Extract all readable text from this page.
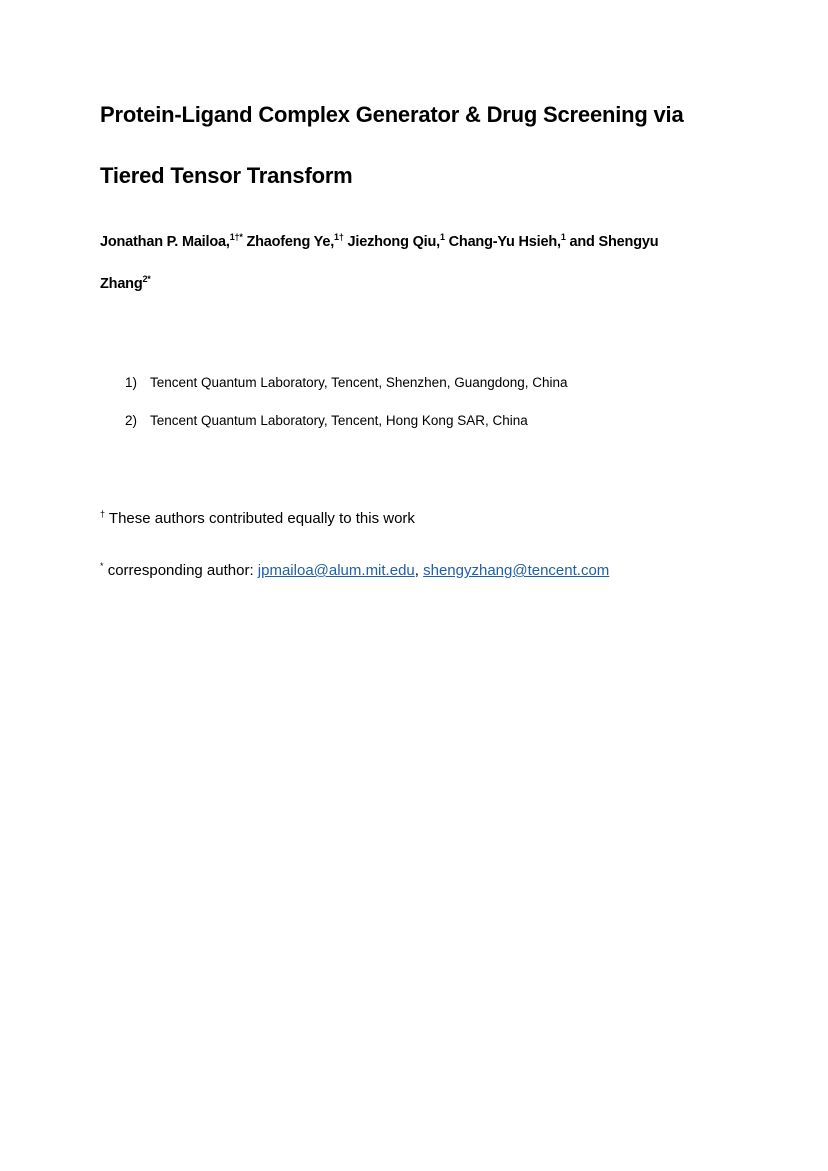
Protein-Ligand Complex Generator & Drug Screening via
Tiered Tensor Transform
Jonathan P. Mailoa,$^{1\dagger*}$ Zhaofeng Ye,$^{1\dagger}$ Jiezhong Qiu,$^1$ Chang-Yu Hsieh,$^1$ and Shengyu
Zhang$^{2*}$
1) Tencent Quantum Laboratory, Tencent, Shenzhen, Guangdong, China
2) Tencent Quantum Laboratory, Tencent, Hong Kong SAR, China
† These authors contributed equally to this work
* corresponding author: jpmailoa@alum.mit.edu, shengyzhang@tencent.com
